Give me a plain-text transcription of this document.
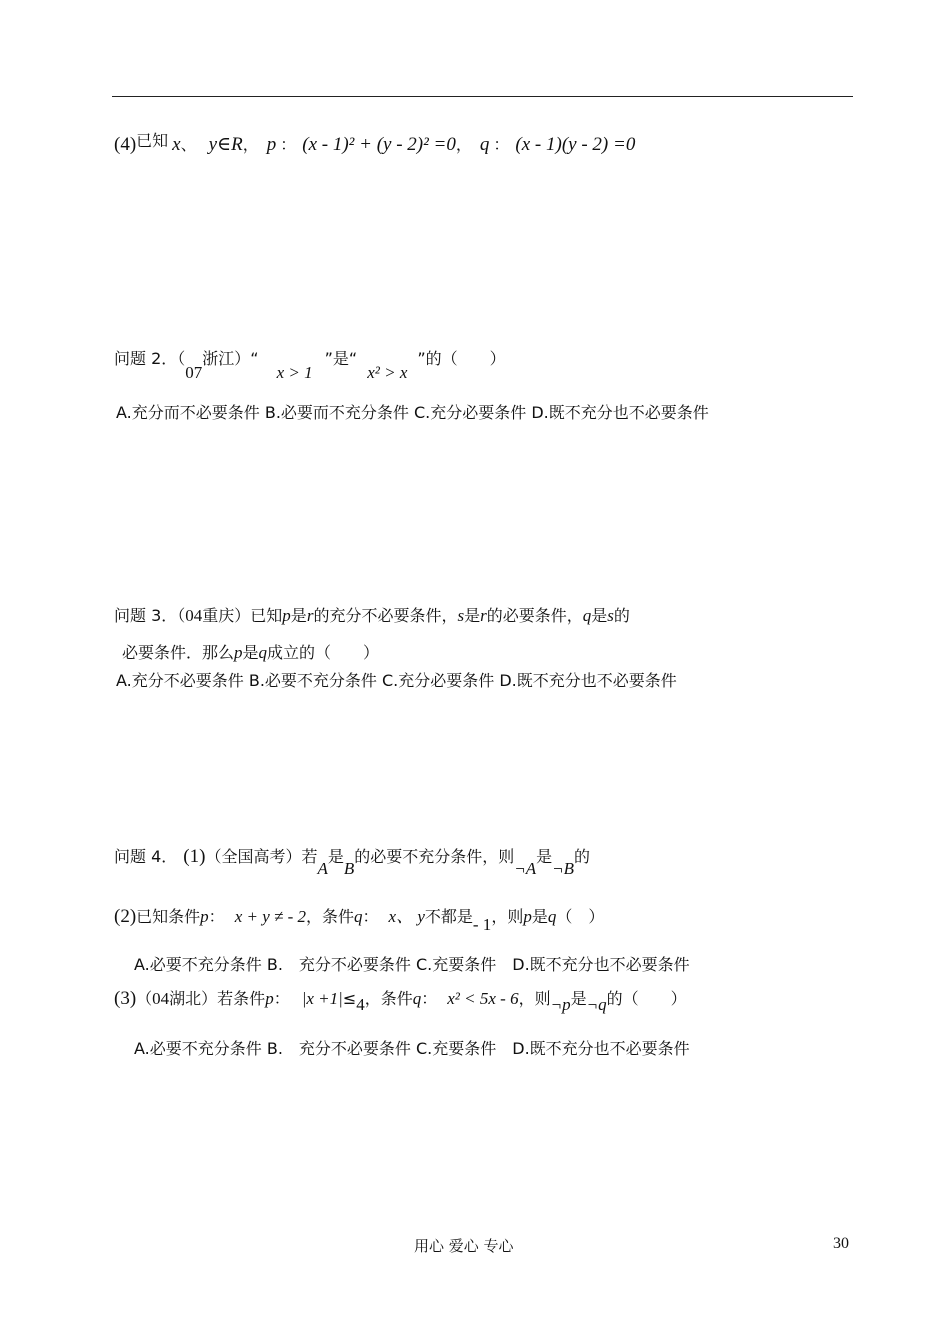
(4)已知 x、 y∈R， p ： (x - 1)² + (y - 2)² =0， q ： (x - 1)(y - 2) =0
问题 2．（07浙江）“x > 1”是“x² > x”的（　　）
A.充分而不必要条件 B.必要而不充分条件 C.充分必要条件 D.既不充分也不必要条件
问题 3．（04重庆）已知p是r的充分不必要条件，s是r的必要条件，q是s的
必要条件．那么p是q成立的（　　）
A.充分不必要条件 B.必要不充分条件 C.充分必要条件 D.既不充分也不必要条件
问题 4． (1)（全国高考）若A是B的必要不充分条件，则¬A是¬B的
(2)已知条件p： x + y ≠ - 2，条件q： x、 y不都是- 1，则p是q（　）
A.必要不充分条件 B.　充分不必要条件 C.充要条件　D.既不充分也不必要条件
(3)（04湖北）若条件p： |x +1|≤4，条件q： x² < 5x - 6，则¬p是¬q的（　　）
A.必要不充分条件 B.　充分不必要条件 C.充要条件　D.既不充分也不必要条件
用心 爱心 专心	30
